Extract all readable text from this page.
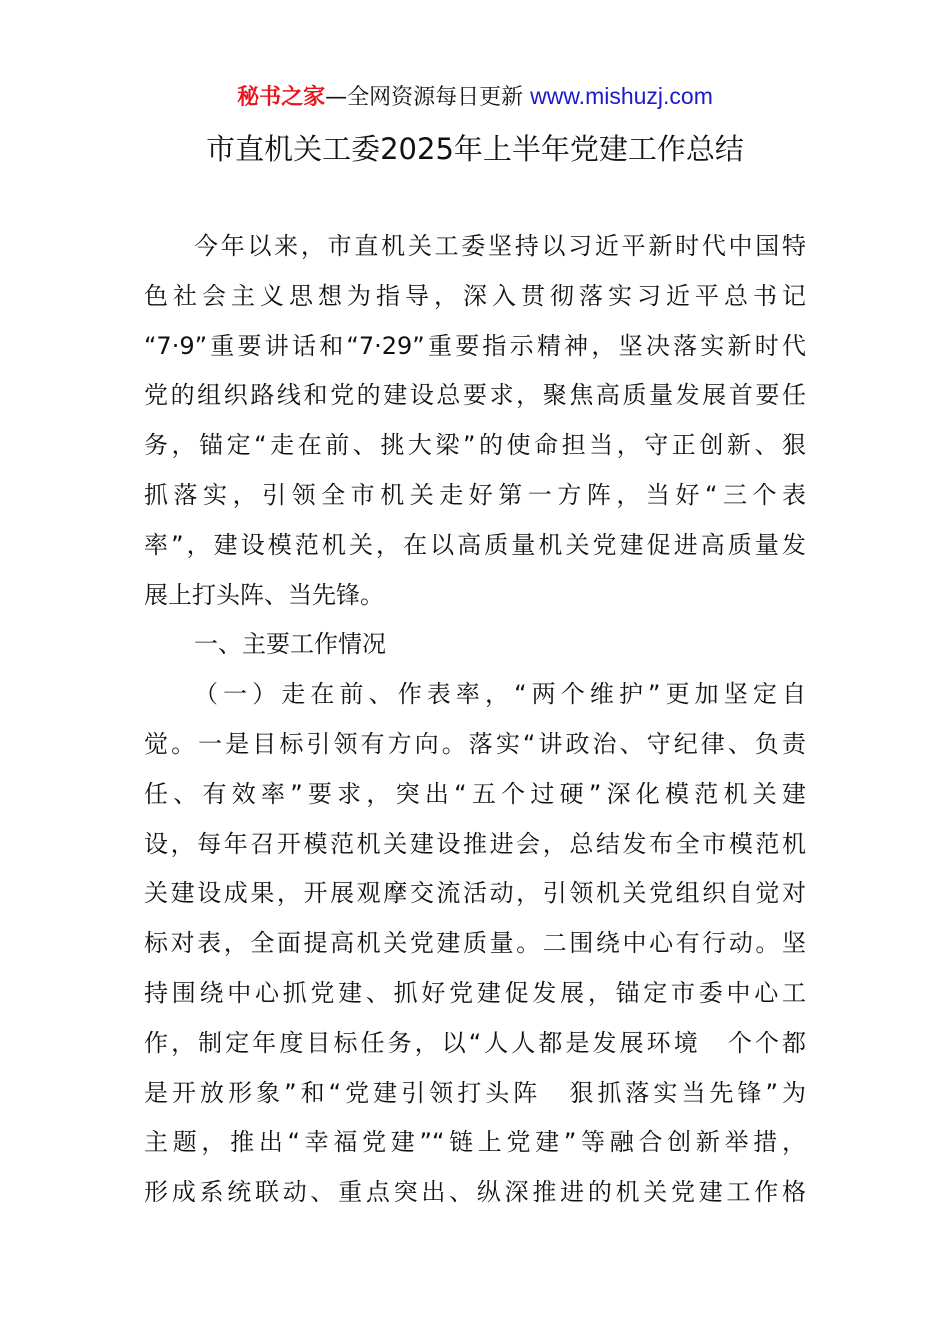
秘书之家—全网资源每日更新 www.mishuzj.com
市直机关工委2025年上半年党建工作总结
今年以来，市直机关工委坚持以习近平新时代中国特
色社会主义思想为指导，深入贯彻落实习近平总书记
“7·9”重要讲话和“7·29”重要指示精神，坚决落实新时代
党的组织路线和党的建设总要求，聚焦高质量发展首要任
务，锚定“走在前、挑大梁”的使命担当，守正创新、狠
抓落实，引领全市机关走好第一方阵，当好“三个表
率”，建设模范机关，在以高质量机关党建促进高质量发
展上打头阵、当先锋。
一、主要工作情况
（一）走在前、作表率，“两个维护”更加坚定自
觉。一是目标引领有方向。落实“讲政治、守纪律、负责
任、有效率”要求，突出“五个过硬”深化模范机关建
设，每年召开模范机关建设推进会，总结发布全市模范机
关建设成果，开展观摩交流活动，引领机关党组织自觉对
标对表，全面提高机关党建质量。二围绕中心有行动。坚
持围绕中心抓党建、抓好党建促发展，锚定市委中心工
作，制定年度目标任务，以“人人都是发展环境　个个都
是开放形象”和“党建引领打头阵　狠抓落实当先锋”为
主题，推出“幸福党建”“链上党建”等融合创新举措，
形成系统联动、重点突出、纵深推进的机关党建工作格
